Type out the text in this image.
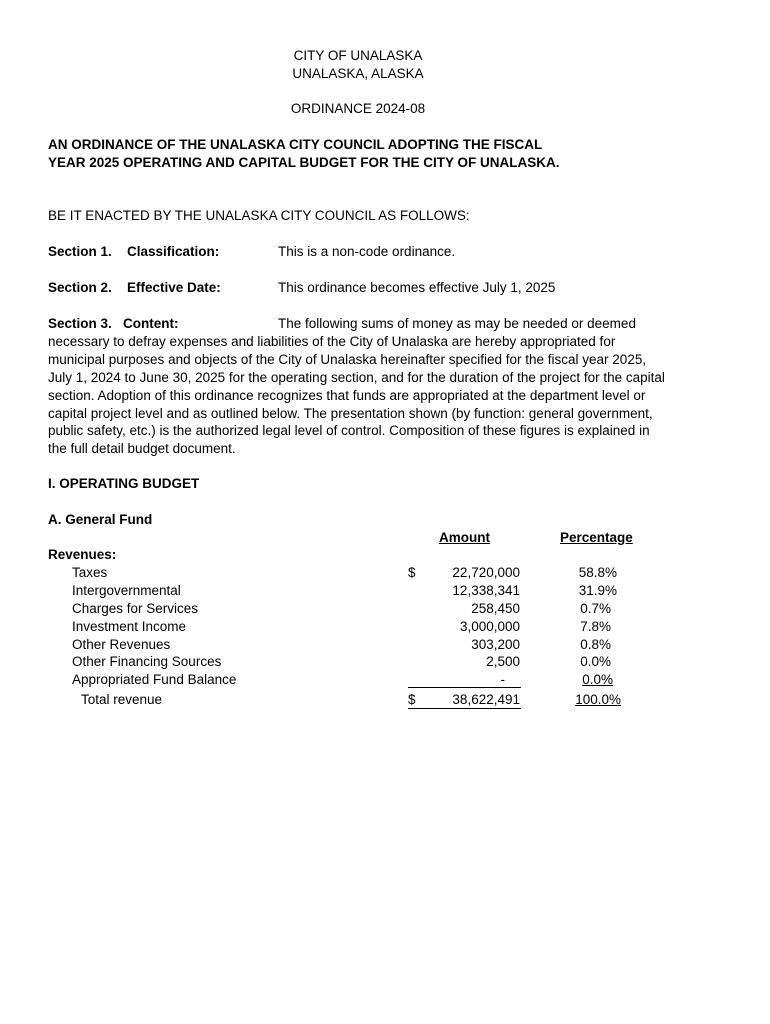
CITY OF UNALASKA
UNALASKA, ALASKA
ORDINANCE 2024-08
AN ORDINANCE OF THE UNALASKA CITY COUNCIL ADOPTING THE FISCAL
YEAR 2025 OPERATING AND CAPITAL BUDGET FOR THE CITY OF UNALASKA.
BE IT ENACTED BY THE UNALASKA CITY COUNCIL AS FOLLOWS:
Section 1. Classification:	This is a non-code ordinance.
Section 2. Effective Date:	This ordinance becomes effective July 1, 2025
Section 3. Content:	The following sums of money as may be needed or deemed necessary to defray expenses and liabilities of the City of Unalaska are hereby appropriated for municipal purposes and objects of the City of Unalaska hereinafter specified for the fiscal year 2025, July 1, 2024 to June 30, 2025 for the operating section, and for the duration of the project for the capital section. Adoption of this ordinance recognizes that funds are appropriated at the department level or capital project level and as outlined below. The presentation shown (by function: general government, public safety, etc.) is the authorized legal level of control. Composition of these figures is explained in the full detail budget document.
I. OPERATING BUDGET
A. General Fund
Amount	Percentage
Revenues:
Taxes	$	22,720,000	58.8%
Intergovernmental	12,338,341	31.9%
Charges for Services	258,450	0.7%
Investment Income	3,000,000	7.8%
Other Revenues	303,200	0.8%
Other Financing Sources	2,500	0.0%
Appropriated Fund Balance	-	0.0%
Total revenue	$	38,622,491	100.0%
